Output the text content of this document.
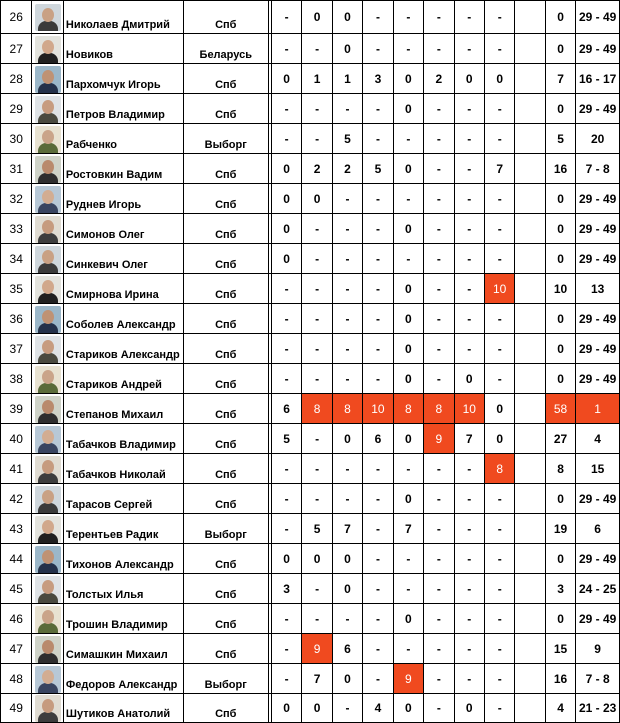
26		Николаев Дмитрий	Спб		-	0	0	-	-	-	-	-		0	29 - 49
27		Новиков	Беларусь		-	-	0	-	-	-	-	-		0	29 - 49
28		Пархомчук Игорь	Спб		0	1	1	3	0	2	0	0		7	16 - 17
29		Петров Владимир	Спб		-	-	-	-	0	-	-	-		0	29 - 49
30		Рабченко	Выборг		-	-	5	-	-	-	-	-		5	20
31		Ростовкин Вадим	Спб		0	2	2	5	0	-	-	7		16	7 - 8
32		Руднев Игорь	Спб		0	0	-	-	-	-	-	-		0	29 - 49
33		Симонов Олег	Спб		0	-	-	-	0	-	-	-		0	29 - 49
34		Синкевич Олег	Спб		0	-	-	-	-	-	-	-		0	29 - 49
35		Смирнова Ирина	Спб		-	-	-	-	0	-	-	10		10	13
36		Соболев Александр	Спб		-	-	-	-	0	-	-	-		0	29 - 49
37		Стариков Александр	Спб		-	-	-	-	0	-	-	-		0	29 - 49
38		Стариков Андрей	Спб		-	-	-	-	0	-	0	-		0	29 - 49
39		Степанов Михаил	Спб		6	8	8	10	8	8	10	0		58	1
40		Табачков Владимир	Спб		5	-	0	6	0	9	7	0		27	4
41		Табачков Николай	Спб		-	-	-	-	-	-	-	8		8	15
42		Тарасов Сергей	Спб		-	-	-	-	0	-	-	-		0	29 - 49
43		Терентьев Радик	Выборг		-	5	7	-	7	-	-	-		19	6
44		Тихонов Александр	Спб		0	0	0	-	-	-	-	-		0	29 - 49
45		Толстых Илья	Спб		3	-	0	-	-	-	-	-		3	24 - 25
46		Трошин Владимир	Спб		-	-	-	-	0	-	-	-		0	29 - 49
47		Симашкин Михаил	Спб		-	9	6	-	-	-	-	-		15	9
48		Федоров Александр	Выборг		-	7	0	-	9	-	-	-		16	7 - 8
49		Шутиков Анатолий	Спб		0	0	-	4	0	-	0	-		4	21 - 23
